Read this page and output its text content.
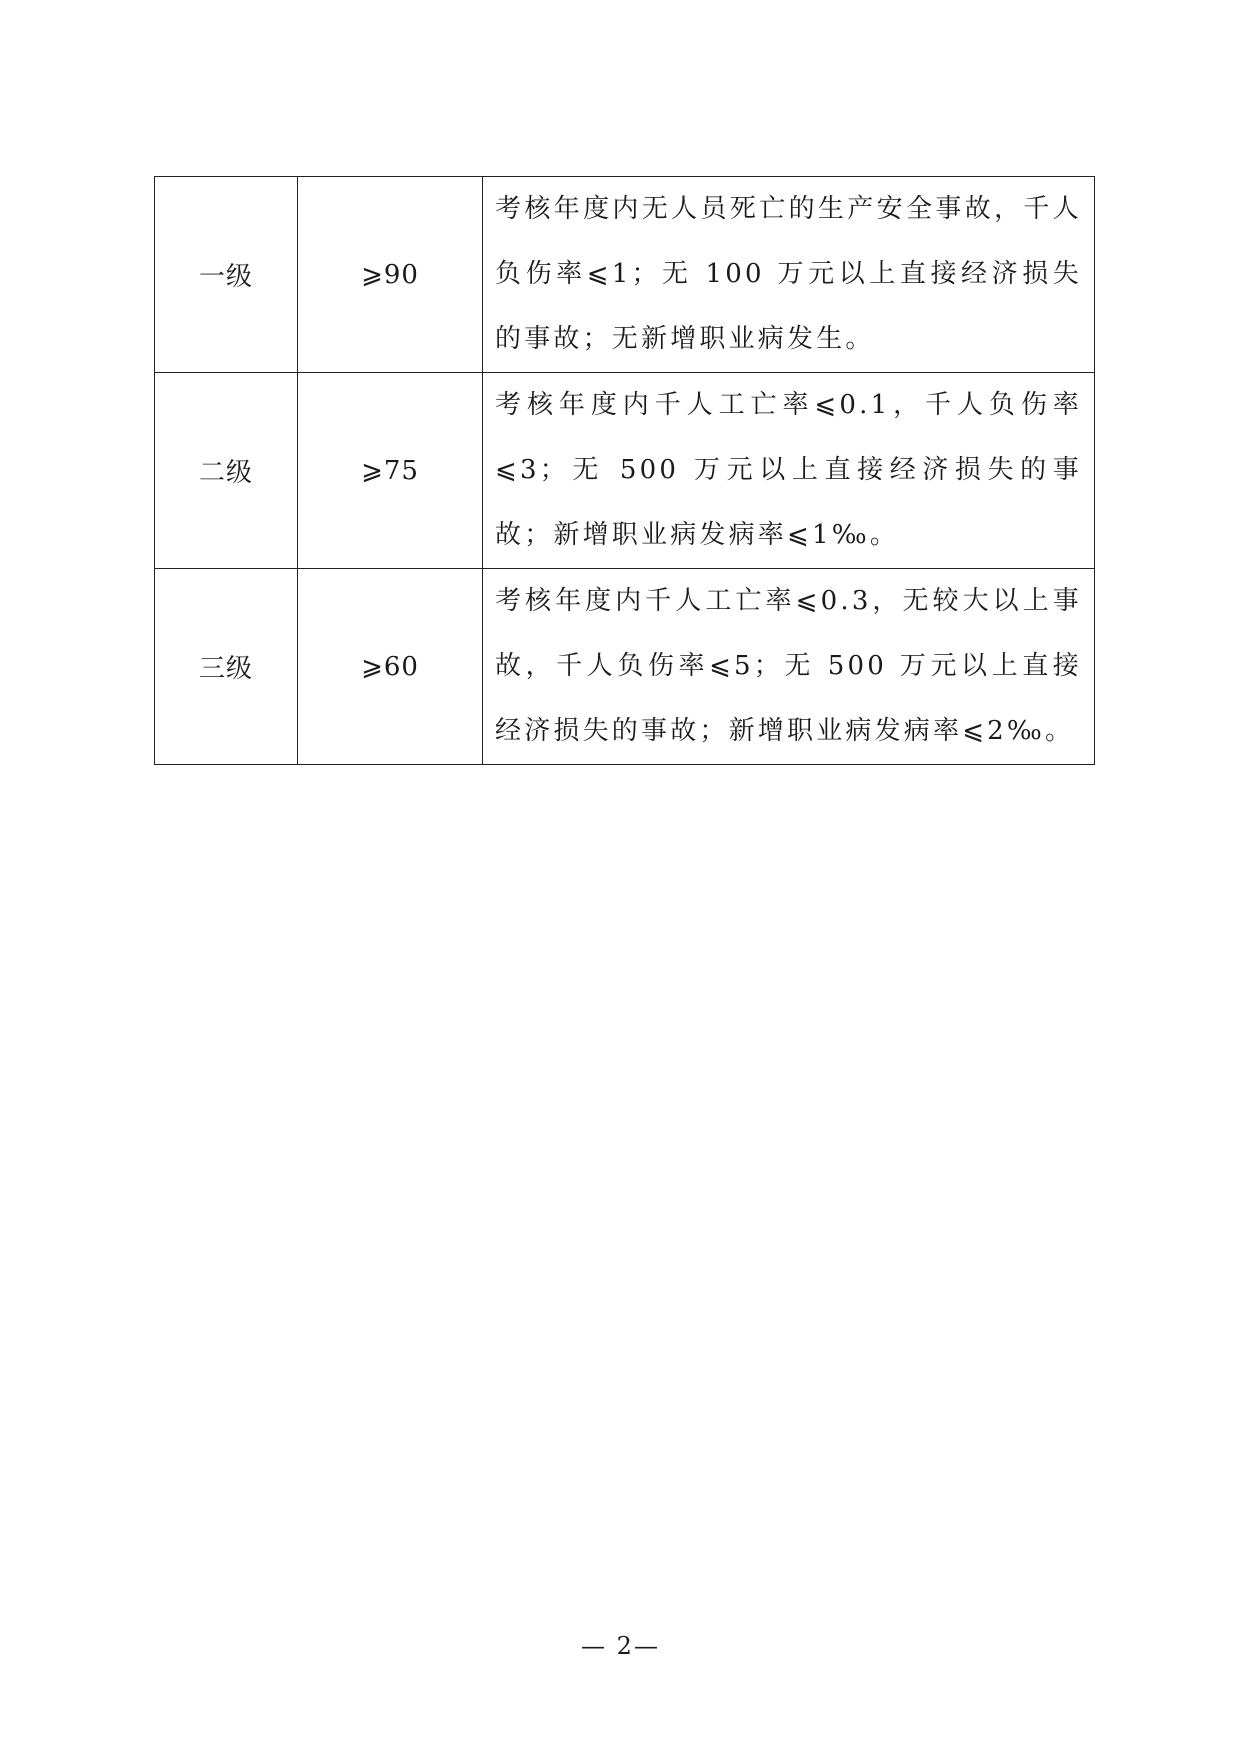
一级	⩾90	考核年度内无人员死亡的生产安全事故，千人负伤率⩽1；无 100 万元以上直接经济损失的事故；无新增职业病发生。
二级	⩾75	考核年度内千人工亡率⩽0.1，千人负伤率⩽3；无 500 万元以上直接经济损失的事故；新增职业病发病率⩽1‰。
三级	⩾60	考核年度内千人工亡率⩽0.3，无较大以上事故，千人负伤率⩽5；无 500 万元以上直接经济损失的事故；新增职业病发病率⩽2‰。
— 2—
